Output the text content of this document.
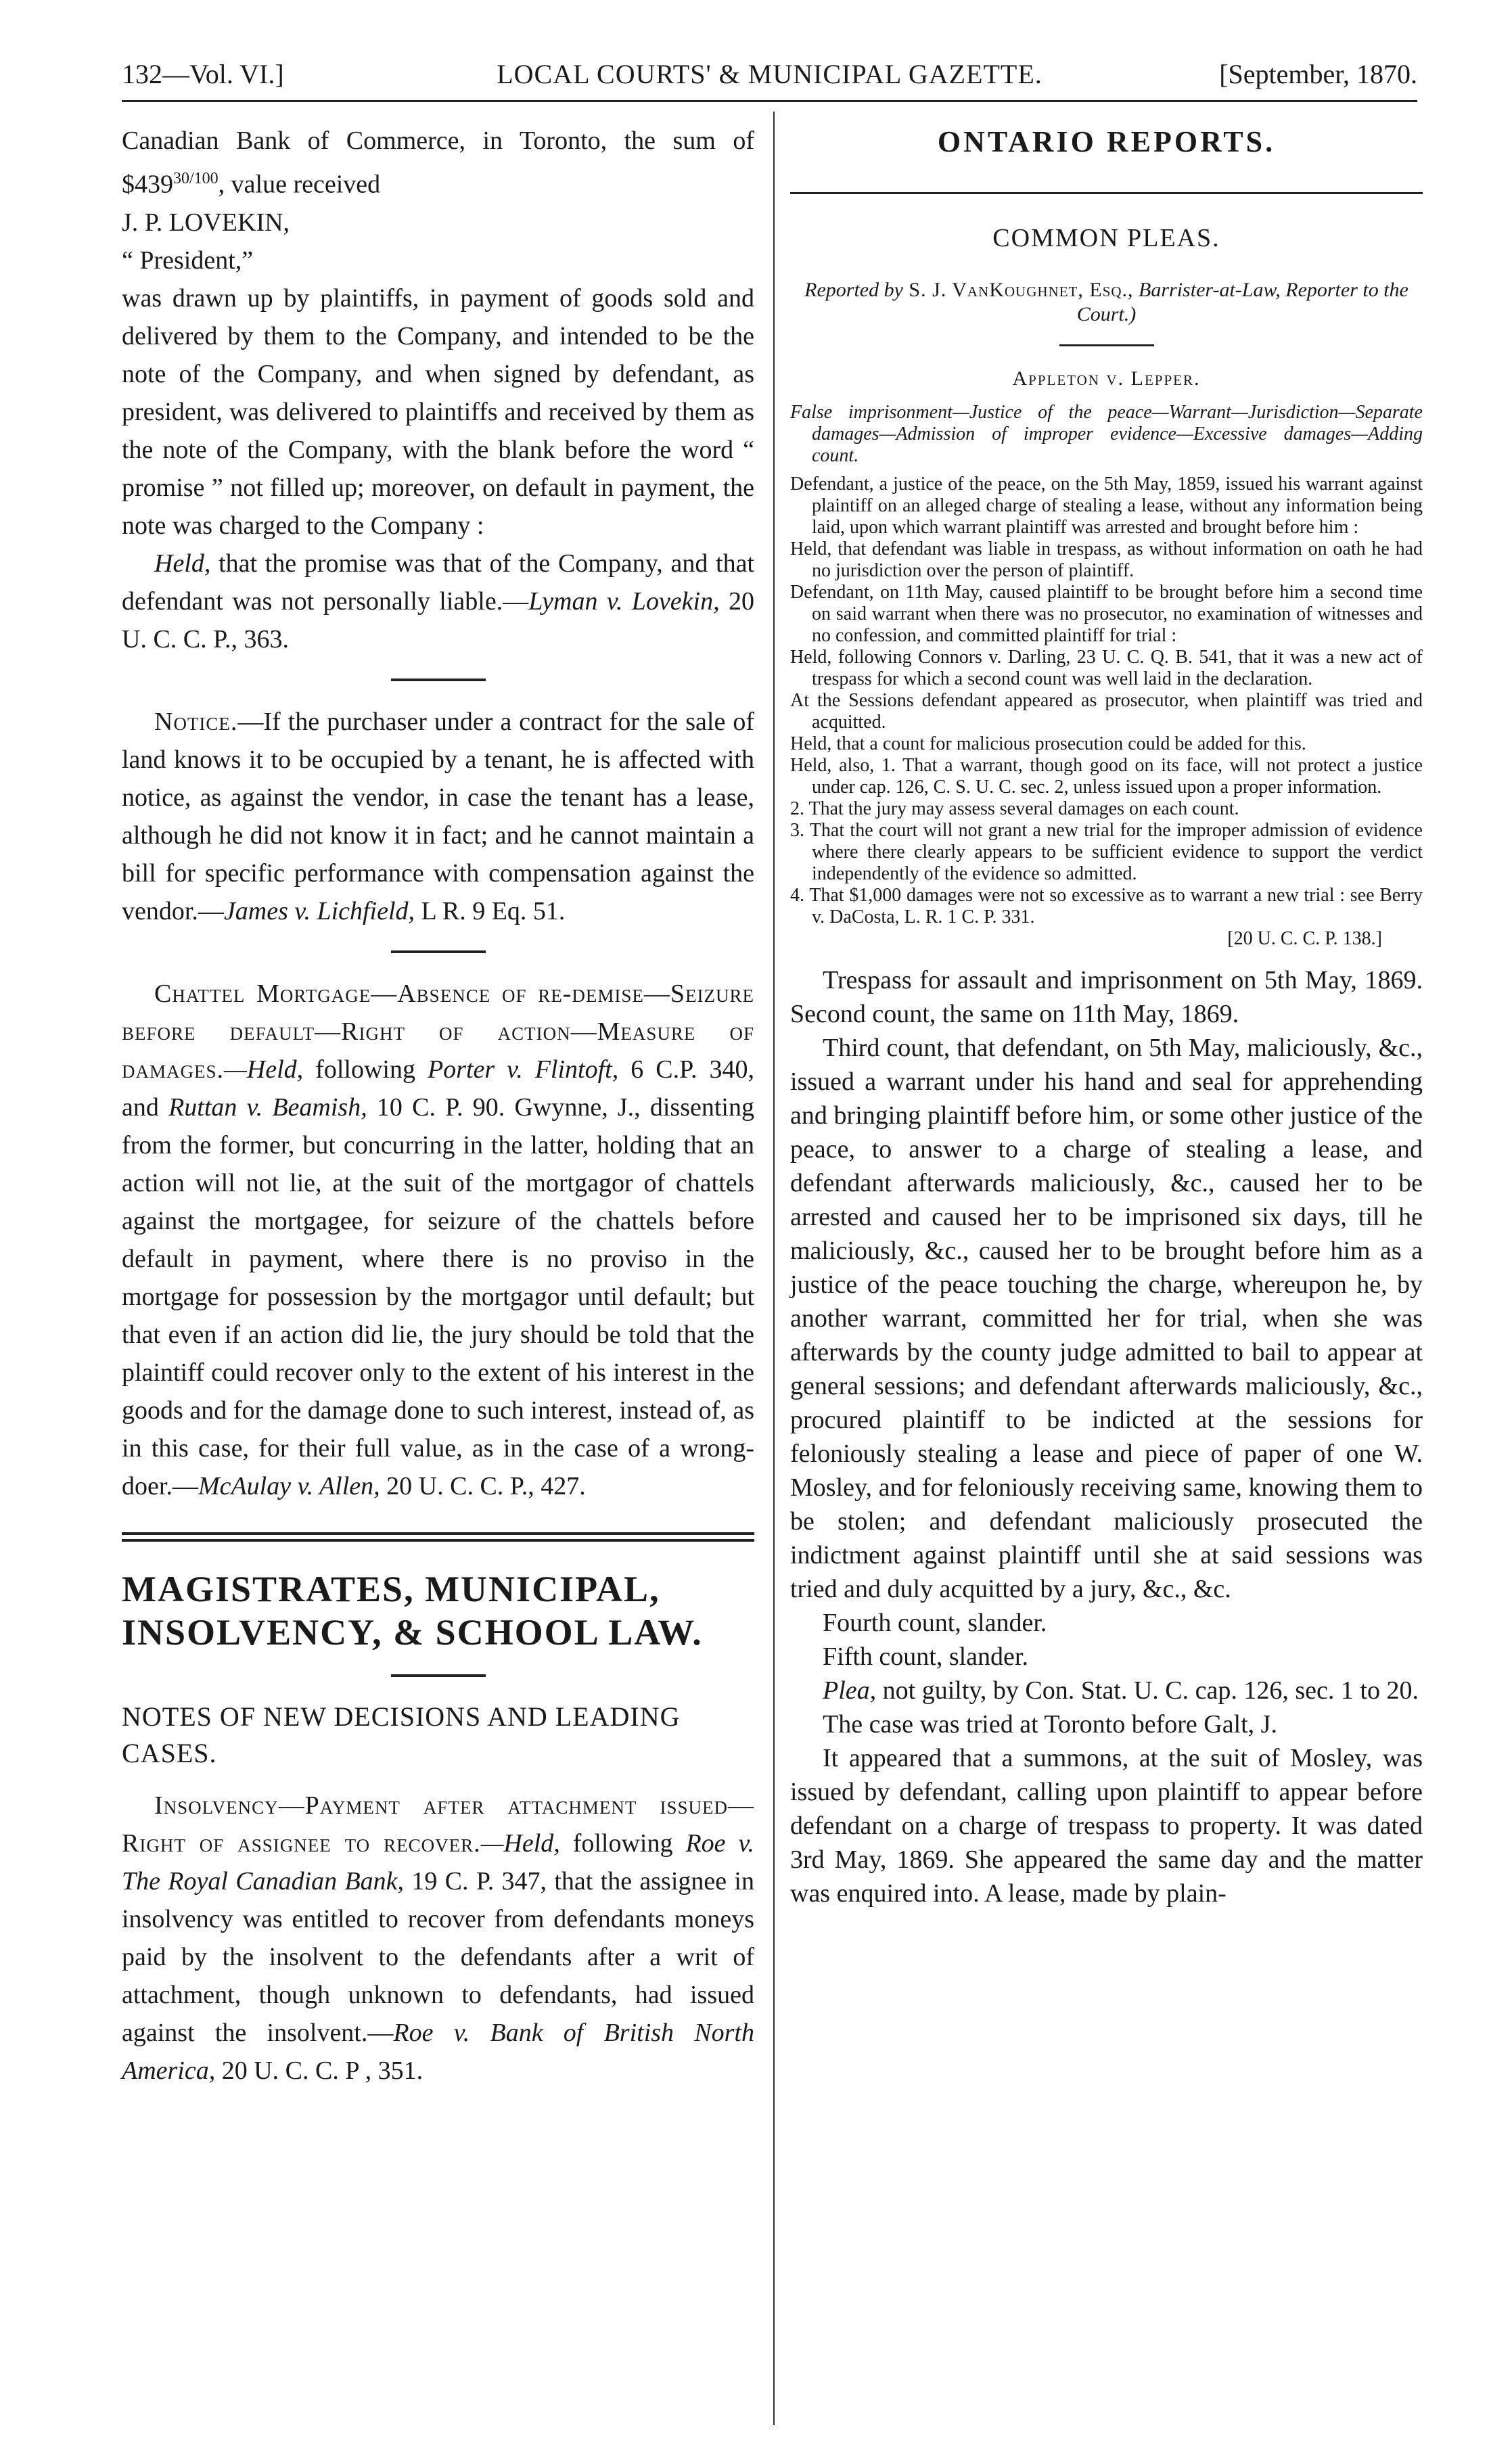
132—Vol. VI.]	LOCAL COURTS' & MUNICIPAL GAZETTE.	[September, 1870.

Canadian Bank of Commerce, in Toronto, the sum of $\$439^{30/100}$, value received

J. P. LOVEKIN,

“ President,”

was drawn up by plaintiffs, in payment of goods sold and delivered by them to the Company, and intended to be the note of the Company, and when signed by defendant, as president, was delivered to plaintiffs and received by them as the note of the Company, with the blank before the word “ promise ” not filled up; moreover, on default in payment, the note was charged to the Company :

Held, that the promise was that of the Company, and that defendant was not personally liable.—Lyman v. Lovekin, 20 U. C. C. P., 363.

Notice.—If the purchaser under a contract for the sale of land knows it to be occupied by a tenant, he is affected with notice, as against the vendor, in case the tenant has a lease, although he did not know it in fact; and he cannot maintain a bill for specific performance with compensation against the vendor.—James v. Lichfield, L R. 9 Eq. 51.

Chattel Mortgage—Absence of re-demise—Seizure before default—Right of action—Measure of damages.—Held, following Porter v. Flintoft, 6 C.P. 340, and Ruttan v. Beamish, 10 C. P. 90. Gwynne, J., dissenting from the former, but concurring in the latter, holding that an action will not lie, at the suit of the mortgagor of chattels against the mortgagee, for seizure of the chattels before default in payment, where there is no proviso in the mortgage for possession by the mortgagor until default; but that even if an action did lie, the jury should be told that the plaintiff could recover only to the extent of his interest in the goods and for the damage done to such interest, instead of, as in this case, for their full value, as in the case of a wrong-doer.—McAulay v. Allen, 20 U. C. C. P., 427.

MAGISTRATES, MUNICIPAL,

INSOLVENCY, & SCHOOL LAW.

NOTES OF NEW DECISIONS AND LEADING

CASES.

Insolvency—Payment after attachment issued—Right of assignee to recover.—Held, following Roe v. The Royal Canadian Bank, 19 C. P. 347, that the assignee in insolvency was entitled to recover from defendants moneys paid by the insolvent to the defendants after a writ of attachment, though unknown to defendants, had issued against the insolvent.—Roe v. Bank of British North America, 20 U. C. C. P , 351.

ONTARIO REPORTS.

COMMON PLEAS.

Reported by S. J. VanKoughnet, Esq., Barrister-at-Law, Reporter to the Court.)

Appleton v. Lepper.

False imprisonment—Justice of the peace—Warrant—Jurisdiction—Separate damages—Admission of improper evidence—Excessive damages—Adding count.

Defendant, a justice of the peace, on the 5th May, 1859, issued his warrant against plaintiff on an alleged charge of stealing a lease, without any information being laid, upon which warrant plaintiff was arrested and brought before him :

Held, that defendant was liable in trespass, as without information on oath he had no jurisdiction over the person of plaintiff.

Defendant, on 11th May, caused plaintiff to be brought before him a second time on said warrant when there was no prosecutor, no examination of witnesses and no confession, and committed plaintiff for trial :

Held, following Connors v. Darling, 23 U. C. Q. B. 541, that it was a new act of trespass for which a second count was well laid in the declaration.

At the Sessions defendant appeared as prosecutor, when plaintiff was tried and acquitted.

Held, that a count for malicious prosecution could be added for this.

Held, also, 1. That a warrant, though good on its face, will not protect a justice under cap. 126, C. S. U. C. sec. 2, unless issued upon a proper information.

2. That the jury may assess several damages on each count.

3. That the court will not grant a new trial for the improper admission of evidence where there clearly appears to be sufficient evidence to support the verdict independently of the evidence so admitted.

4. That $1,000 damages were not so excessive as to warrant a new trial : see Berry v. DaCosta, L. R. 1 C. P. 331.

[20 U. C. C. P. 138.]

Trespass for assault and imprisonment on 5th May, 1869. Second count, the same on 11th May, 1869.

Third count, that defendant, on 5th May, maliciously, &c., issued a warrant under his hand and seal for apprehending and bringing plaintiff before him, or some other justice of the peace, to answer to a charge of stealing a lease, and defendant afterwards maliciously, &c., caused her to be arrested and caused her to be imprisoned six days, till he maliciously, &c., caused her to be brought before him as a justice of the peace touching the charge, whereupon he, by another warrant, committed her for trial, when she was afterwards by the county judge admitted to bail to appear at general sessions; and defendant afterwards maliciously, &c., procured plaintiff to be indicted at the sessions for feloniously stealing a lease and piece of paper of one W. Mosley, and for feloniously receiving same, knowing them to be stolen; and defendant maliciously prosecuted the indictment against plaintiff until she at said sessions was tried and duly acquitted by a jury, &c., &c.

Fourth count, slander.

Fifth count, slander.

Plea, not guilty, by Con. Stat. U. C. cap. 126, sec. 1 to 20.

The case was tried at Toronto before Galt, J.

It appeared that a summons, at the suit of Mosley, was issued by defendant, calling upon plaintiff to appear before defendant on a charge of trespass to property. It was dated 3rd May, 1869. She appeared the same day and the matter was enquired into. A lease, made by plain-
